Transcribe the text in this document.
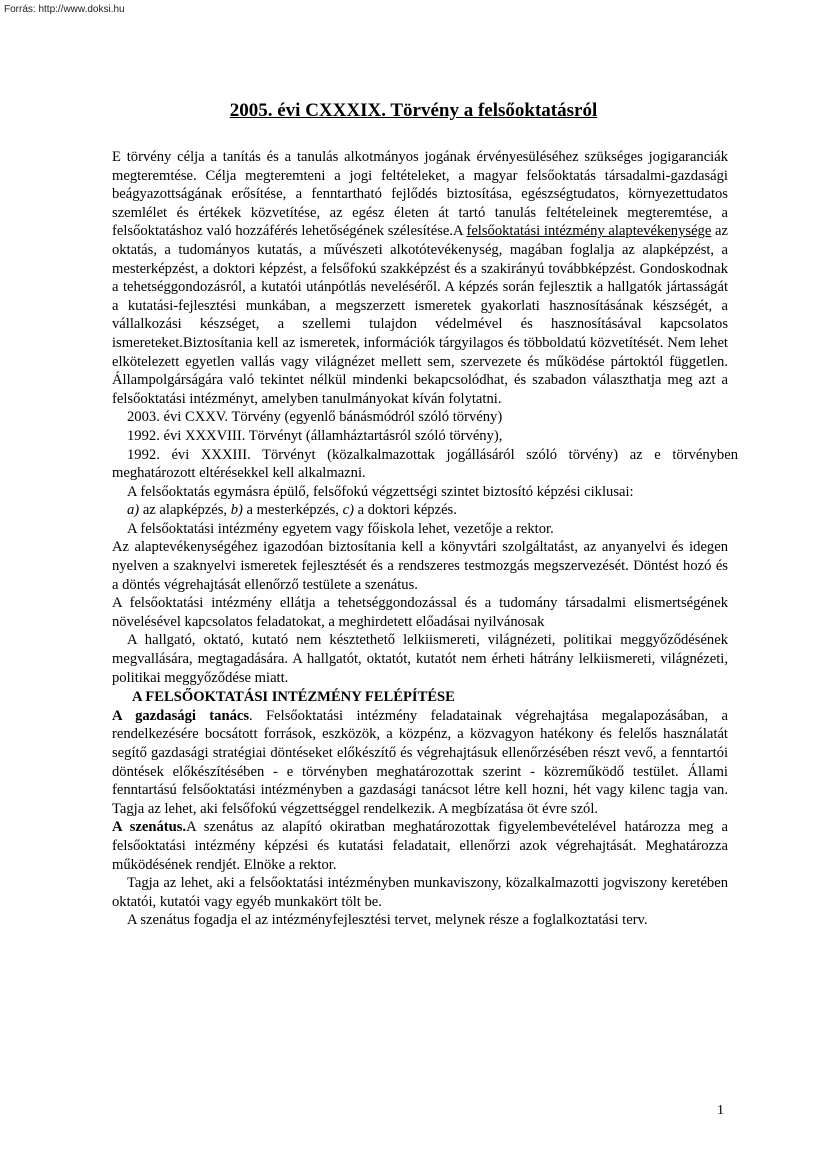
Forrás: http://www.doksi.hu
2005. évi CXXXIX. Törvény a felsőoktatásról

E törvény célja a tanítás és a tanulás alkotmányos jogának érvényesüléséhez szükséges jogigaranciák megteremtése. Célja megteremteni a jogi feltételeket, a magyar felsőoktatás társadalmi-gazdasági beágyazottságának erősítése, a fenntartható fejlődés biztosítása, egészségtudatos, környezettudatos szemlélet és értékek közvetítése, az egész életen át tartó tanulás feltételeinek megteremtése, a felsőoktatáshoz való hozzáférés lehetőségének szélesítése.A felsőoktatási intézmény alaptevékenysége az oktatás, a tudományos kutatás, a művészeti alkotótevékenység, magában foglalja az alapképzést, a mesterképzést, a doktori képzést, a felsőfokú szakképzést és a szakirányú továbbképzést. Gondoskodnak a tehetséggondozásról, a kutatói utánpótlás neveléséről. A képzés során fejlesztik a hallgatók jártasságát a kutatási-fejlesztési munkában, a megszerzett ismeretek gyakorlati hasznosításának készségét, a vállalkozási készséget, a szellemi tulajdon védelmével és hasznosításával kapcsolatos ismereteket.Biztosítania kell az ismeretek, információk tárgyilagos és többoldatú közvetítését. Nem lehet elkötelezett egyetlen vallás vagy világnézet mellett sem, szervezete és működése pártoktól független. Állampolgárságára való tekintet nélkül mindenki bekapcsolódhat, és szabadon választhatja meg azt a felsőoktatási intézményt, amelyben tanulmányokat kíván folytatni.

2003. évi CXXV. Törvény (egyenlő bánásmódról szóló törvény)

1992. évi XXXVIII. Törvényt (államháztartásról szóló törvény),

1992. évi XXXIII. Törvényt (közalkalmazottak jogállásáról szóló törvény) az e törvényben meghatározott eltérésekkel kell alkalmazni.

A felsőoktatás egymásra épülő, felsőfokú végzettségi szintet biztosító képzési ciklusai:

a) az alapképzés, b) a mesterképzés, c) a doktori képzés.

A felsőoktatási intézmény egyetem vagy főiskola lehet, vezetője a rektor.

Az alaptevékenységéhez igazodóan biztosítania kell a könyvtári szolgáltatást, az anyanyelvi és idegen nyelven a szaknyelvi ismeretek fejlesztését és a rendszeres testmozgás megszervezését. Döntést hozó és a döntés végrehajtását ellenőrző testülete a szenátus.

A felsőoktatási intézmény ellátja a tehetséggondozással és a tudomány társadalmi elismertségének növelésével kapcsolatos feladatokat, a meghirdetett előadásai nyilvánosak

A hallgató, oktató, kutató nem késztethető lelkiismereti, világnézeti, politikai meggyőződésének megvallására, megtagadására. A hallgatót, oktatót, kutatót nem érheti hátrány lelkiismereti, világnézeti, politikai meggyőződése miatt.

A FELSŐOKTATÁSI INTÉZMÉNY FELÉPÍTÉSE

A gazdasági tanács. Felsőoktatási intézmény feladatainak végrehajtása megalapozásában, a rendelkezésére bocsátott források, eszközök, a közpénz, a közvagyon hatékony és felelős használatát segítő gazdasági stratégiai döntéseket előkészítő és végrehajtásuk ellenőrzésében részt vevő, a fenntartói döntések előkészítésében - e törvényben meghatározottak szerint - közreműködő testület. Állami fenntartású felsőoktatási intézményben a gazdasági tanácsot létre kell hozni, hét vagy kilenc tagja van. Tagja az lehet, aki felsőfokú végzettséggel rendelkezik. A megbízatása öt évre szól.

A szenátus.A szenátus az alapító okiratban meghatározottak figyelembevételével határozza meg a felsőoktatási intézmény képzési és kutatási feladatait, ellenőrzi azok végrehajtását. Meghatározza működésének rendjét. Elnöke a rektor.

Tagja az lehet, aki a felsőoktatási intézményben munkaviszony, közalkalmazotti jogviszony keretében oktatói, kutatói vagy egyéb munkakört tölt be.

A szenátus fogadja el az intézményfejlesztési tervet, melynek része a foglalkoztatási terv.

1
